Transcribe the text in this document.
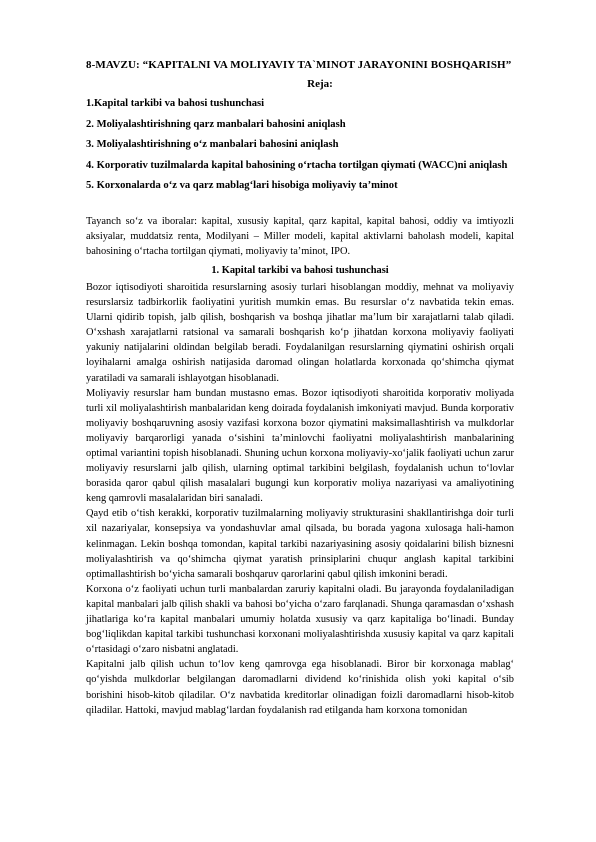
8-MAVZU: “KAPITALNI VA MOLIYAVIY TA`MINOT JARAYONINI BOSHQARISH”
Reja:
1.Kapital tarkibi va bahosi tushunchasi
2. Moliyalashtirishning qarz manbalari bahosini aniqlash
3. Moliyalashtirishning o‘z manbalari bahosini aniqlash
4. Korporativ tuzilmalarda kapital bahosining o‘rtacha tortilgan qiymati (WACC)ni aniqlash
5. Korxonalarda o‘z va qarz mablag‘lari hisobiga moliyaviy ta’minot

Tayanch so‘z va iboralar: kapital, xususiy kapital, qarz kapital, kapital bahosi, oddiy va imtiyozli aksiyalar, muddatsiz renta, Modilyani – Miller modeli, kapital aktivlarni baholash modeli, kapital bahosining o‘rtacha tortilgan qiymati, moliyaviy ta’minot, IPO.

1. Kapital tarkibi va bahosi tushunchasi

Bozor iqtisodiyoti sharoitida resurslarning asosiy turlari hisoblangan moddiy, mehnat va moliyaviy resurslarsiz tadbirkorlik faoliyatini yuritish mumkin emas. Bu resurslar o‘z navbatida tekin emas. Ularni qidirib topish, jalb qilish, boshqarish va boshqa jihatlar ma’lum bir xarajatlarni talab qiladi. O‘xshash xarajatlarni ratsional va samarali boshqarish ko‘p jihatdan korxona moliyaviy faoliyati yakuniy natijalarini oldindan belgilab beradi. Foydalanilgan resurslarning qiymatini oshirish orqali loyihalarni amalga oshirish natijasida daromad olingan holatlarda korxonada qo‘shimcha qiymat yaratiladi va samarali ishlayotgan hisoblanadi.

Moliyaviy resurslar ham bundan mustasno emas. Bozor iqtisodiyoti sharoitida korporativ moliyada turli xil moliyalashtirish manbalaridan keng doirada foydalanish imkoniyati mavjud. Bunda korporativ moliyaviy boshqaruvning asosiy vazifasi korxona bozor qiymatini maksimallashtirish va mulkdorlar moliyaviy barqarorligi yanada o‘sishini ta’minlovchi faoliyatni moliyalashtirish manbalarining optimal variantini topish hisoblanadi. Shuning uchun korxona moliyaviy-xo‘jalik faoliyati uchun zarur moliyaviy resurslarni jalb qilish, ularning optimal tarkibini belgilash, foydalanish uchun to‘lovlar borasida qaror qabul qilish masalalari bugungi kun korporativ moliya nazariyasi va amaliyotining keng qamrovli masalalaridan biri sanaladi.

Qayd etib o‘tish kerakki, korporativ tuzilmalarning moliyaviy strukturasini shakllantirishga doir turli xil nazariyalar, konsepsiya va yondashuvlar amal qilsada, bu borada yagona xulosaga hali-hamon kelinmagan. Lekin boshqa tomondan, kapital tarkibi nazariyasining asosiy qoidalarini bilish biznesni moliyalashtirish va qo‘shimcha qiymat yaratish prinsiplarini chuqur anglash kapital tarkibini optimallashtirish bo‘yicha samarali boshqaruv qarorlarini qabul qilish imkonini beradi.

Korxona o‘z faoliyati uchun turli manbalardan zaruriy kapitalni oladi. Bu jarayonda foydalaniladigan kapital manbalari jalb qilish shakli va bahosi bo‘yicha o‘zaro farqlanadi. Shunga qaramasdan o‘xshash jihatlariga ko‘ra kapital manbalari umumiy holatda xususiy va qarz kapitaliga bo‘linadi. Bunday bog‘liqlikdan kapital tarkibi tushunchasi korxonani moliyalashtirishda xususiy kapital va qarz kapitali o‘rtasidagi o‘zaro nisbatni anglatadi.

Kapitalni jalb qilish uchun to‘lov keng qamrovga ega hisoblanadi. Biror bir korxonaga mablag‘ qo‘yishda mulkdorlar belgilangan daromadlarni dividend ko‘rinishida olish yoki kapital o‘sib borishini hisob-kitob qiladilar. O‘z navbatida kreditorlar olinadigan foizli daromadlarni hisob-kitob qiladilar. Hattoki, mavjud mablag‘lardan foydalanish rad etilganda ham korxona tomonidan
